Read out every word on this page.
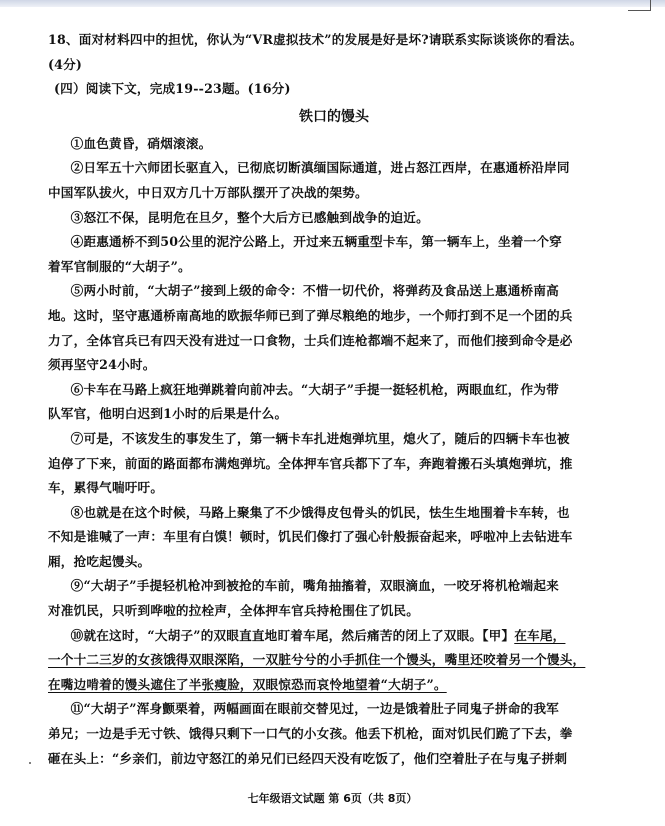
18、面对材料四中的担忧，你认为“VR虚拟技术”的发展是好是坏?请联系实际谈谈你的看法。
(4分)
(四）阅读下文，完成19--23题。(16分)
铁口的馒头
①血色黄昏，硝烟滚滚。
②日军五十六师团长驱直入，已彻底切断滇缅国际通道，进占怒江西岸，在惠通桥沿岸同
中国军队拔火，中日双方几十万部队摆开了决战的架势。
③怒江不保，昆明危在旦夕，整个大后方已感触到战争的迫近。
④距惠通桥不到50公里的泥泞公路上，开过来五辆重型卡车，第一辆车上，坐着一个穿
着军官制服的“大胡子”。
⑤两小时前，“大胡子”接到上级的命令：不惜一切代价，将弹药及食品送上惠通桥南高
地。这时，坚守惠通桥南高地的欧振华师已到了弹尽粮绝的地步，一个师打到不足一个团的兵
力了，全体官兵已有四天没有进过一口食物，士兵们连枪都端不起来了，而他们接到命令是必
须再坚守24小时。
⑥卡车在马路上疯狂地弹跳着向前冲去。“大胡子”手提一挺轻机枪，两眼血红，作为带
队军官，他明白迟到1小时的后果是什么。
⑦可是，不该发生的事发生了，第一辆卡车扎进炮弹坑里，熄火了，随后的四辆卡车也被
迫停了下来，前面的路面都布满炮弹坑。全体押车官兵都下了车，奔跑着搬石头填炮弹坑，推
车，累得气喘吁吁。
⑧也就是在这个时候，马路上聚集了不少饿得皮包骨头的饥民，怯生生地围着卡车转，也
不知是谁喊了一声：车里有白馍！顿时，饥民们像打了强心针般振奋起来，呼啦冲上去钻进车
厢，抢吃起馒头。
⑨“大胡子”手提轻机枪冲到被抢的车前，嘴角抽搐着，双眼滴血，一咬牙将机枪端起来
对准饥民，只听到哗啦的拉栓声，全体押车官兵持枪围住了饥民。
⑩就在这时，“大胡子”的双眼直直地盯着车尾，然后痛苦的闭上了双眼。【甲】在车尾，
一个十二三岁的女孩饿得双眼深陷，一双脏兮兮的小手抓住一个馒头，嘴里还咬着另一个馒头，
在嘴边啃着的馒头遮住了半张瘦脸，双眼惊恐而哀怜地望着“大胡子”。
⑪“大胡子”浑身颤栗着，两幅画面在眼前交替见过，一边是饿着肚子同鬼子拼命的我军
弟兄；一边是手无寸铁、饿得只剩下一口气的小女孩。他丢下机枪，面对饥民们跪了下去，拳
砸在头上：“乡亲们，前边守怒江的弟兄们已经四天没有吃饭了，他们空着肚子在与鬼子拼刺
七年级语文试题 第 6页（共 8页）
